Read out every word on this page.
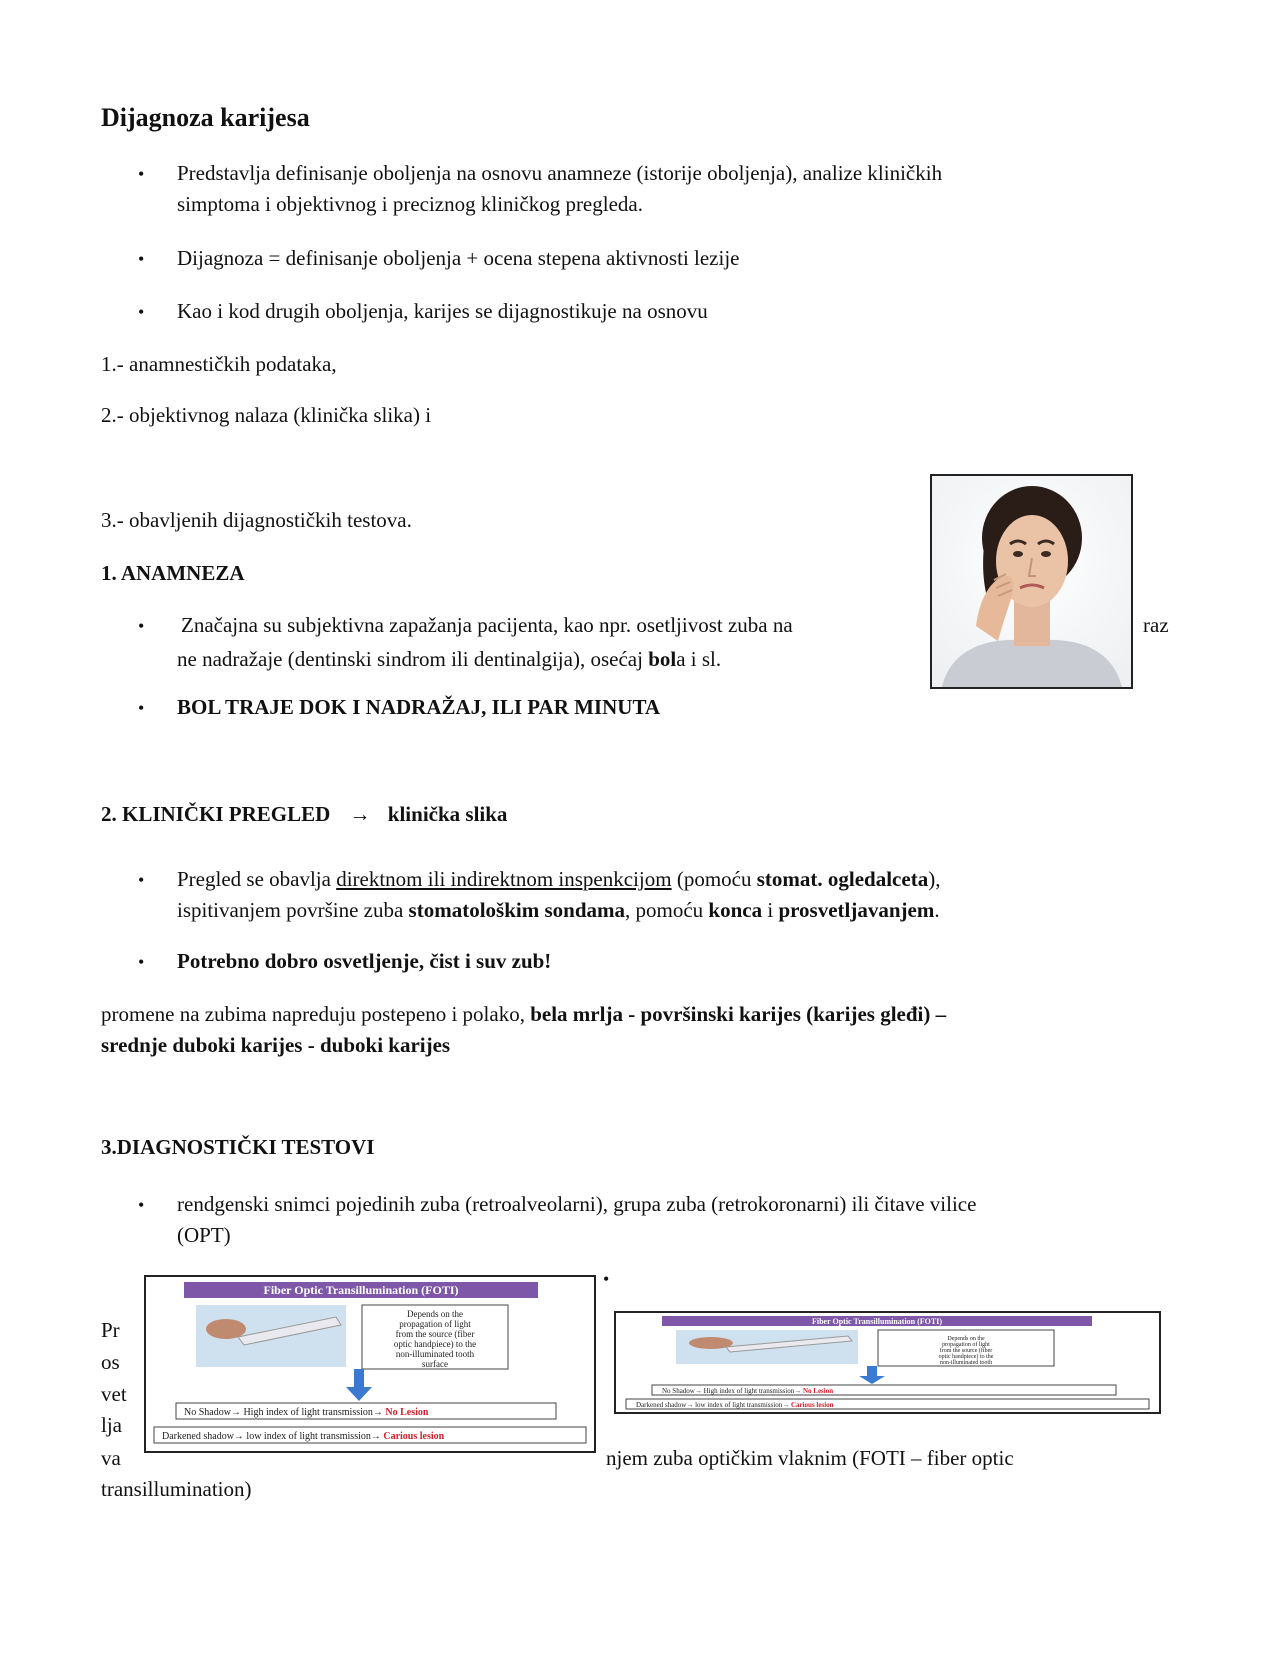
Dijagnoza karijesa
• Predstavlja definisanje oboljenja na osnovu anamneze (istorije oboljenja), analize kliničkih
simptoma i objektivnog i preciznog kliničkog pregleda.
• Dijagnoza = definisanje oboljenja + ocena stepena aktivnosti lezije
• Kao i kod drugih oboljenja, karijes se dijagnostikuje na osnovu
1.- anamnestičkih podataka,
2.- objektivnog nalaza (klinička slika) i
3.- obavljenih dijagnostičkih testova.
1. ANAMNEZA
• Značajna su subjektivna zapažanja pacijenta, kao npr. osetljivost zuba na	raz
ne nadražaje (dentinski sindrom ili dentinalgija), osećaj bola i sl.
• BOL TRAJE DOK I NADRAŽAJ, ILI PAR MINUTA
2. KLINIČKI PREGLED → klinička slika
• Pregled se obavlja direktnom ili indirektnom inspenkcijom (pomoću stomat. ogledalceta),
ispitivanjem površine zuba stomatološkim sondama, pomoću konca i prosvetljavanjem.
• Potrebno dobro osvetljenje, čist i suv zub!
promene na zubima napreduju postepeno i polako, bela mrlja - površinski karijes (karijes gleđi) –
srednje duboki karijes - duboki karijes
3.DIAGNOSTIČKI TESTOVI
• rendgenski snimci pojedinih zuba (retroalveolarni), grupa zuba (retrokoronarni) ili čitave vilice
(OPT)
•
Pr
os
vet
lja
va	njem zuba optičkim vlaknim (FOTI – fiber optic
transillumination)
Fiber Optic Transillumination (FOTI)
Depends on the
propagation of light
from the source (fiber
optic handpiece) to the
non-illuminated tooth
surface
No Shadow→ High index of light transmission→ No Lesion
Darkened shadow→ low index of light transmission→ Carious lesion
Fiber Optic Transillumination (FOTI)
Depends on the
propagation of light
from the source (fiber
optic handpiece) to the
non-illuminated tooth
No Shadow→ High index of light transmission→ No Lesion
Darkened shadow→ low index of light transmission→ Carious lesion
